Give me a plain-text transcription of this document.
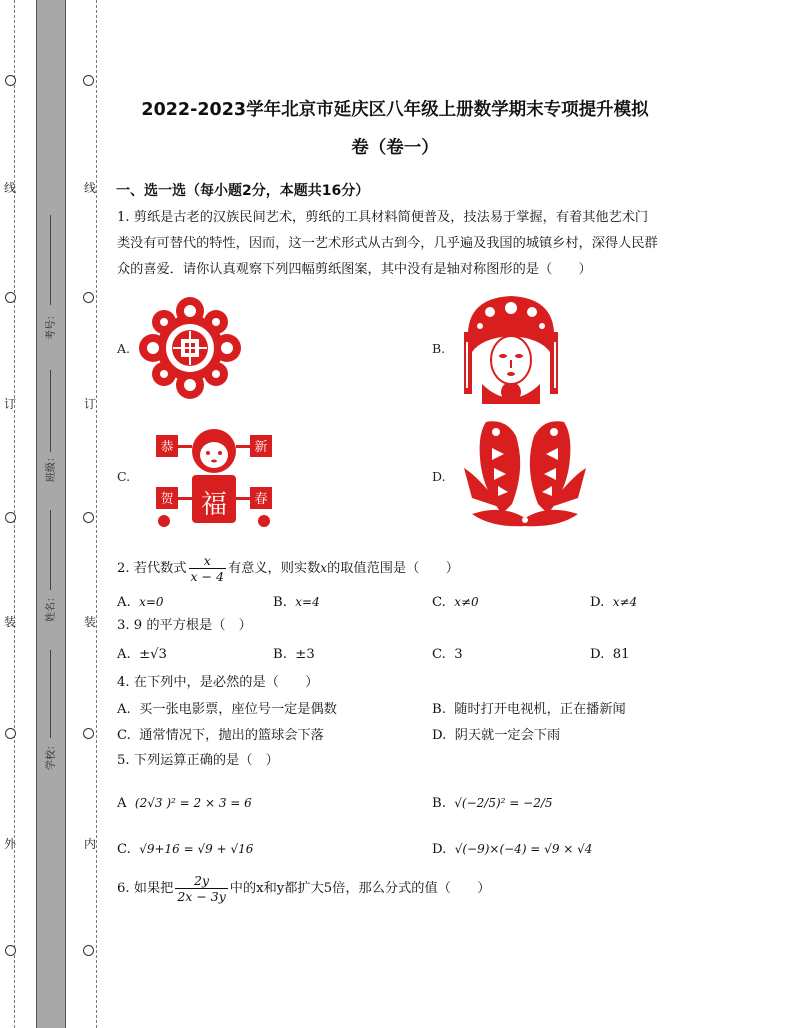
线
订
装
外
线
订
装
内
考号：
班级：
姓名：
学校：
2022-2023学年北京市延庆区八年级上册数学期末专项提升模拟
卷（卷一）
一、选一选（每小题2分，本题共16分）
1. 剪纸是古老的汉族民间艺术，剪纸的工具材料简便普及，技法易于掌握，有着其他艺术门
类没有可替代的特性，因而，这一艺术形式从古到今，几乎遍及我国的城镇乡村，深得人民群
众的喜爱．请你认真观察下列四幅剪纸图案，其中没有是轴对称图形的是（　　）
A.	B.
C.	D.
福
恭	新
贺	春
2. 若代数式 $\frac{x}{x - 4}$ 有意义，则实数x的取值范围是（　　）
A. x=0	B. x=4	C. x≠0	D. x≠4
3. 9 的平方根是（　）
A. ±√3	B. ±3	C. 3	D. 81
4. 在下列中，是必然的是（　　）
A. 买一张电影票，座位号一定是偶数	B. 随时打开电视机，正在播新闻
C. 通常情况下，抛出的篮球会下落	D. 阴天就一定会下雨
5. 下列运算正确的是（　）
A (2√3 )² = 2 × 3 = 6	B. √(−2/5)² = −2/5
C. √9+16 = √9 + √16	D. √(−9)×(−4) = √9 × √4
6. 如果把 $\frac{2y}{2x - 3y}$ 中的x和y都扩大5倍，那么分式的值（　　）
